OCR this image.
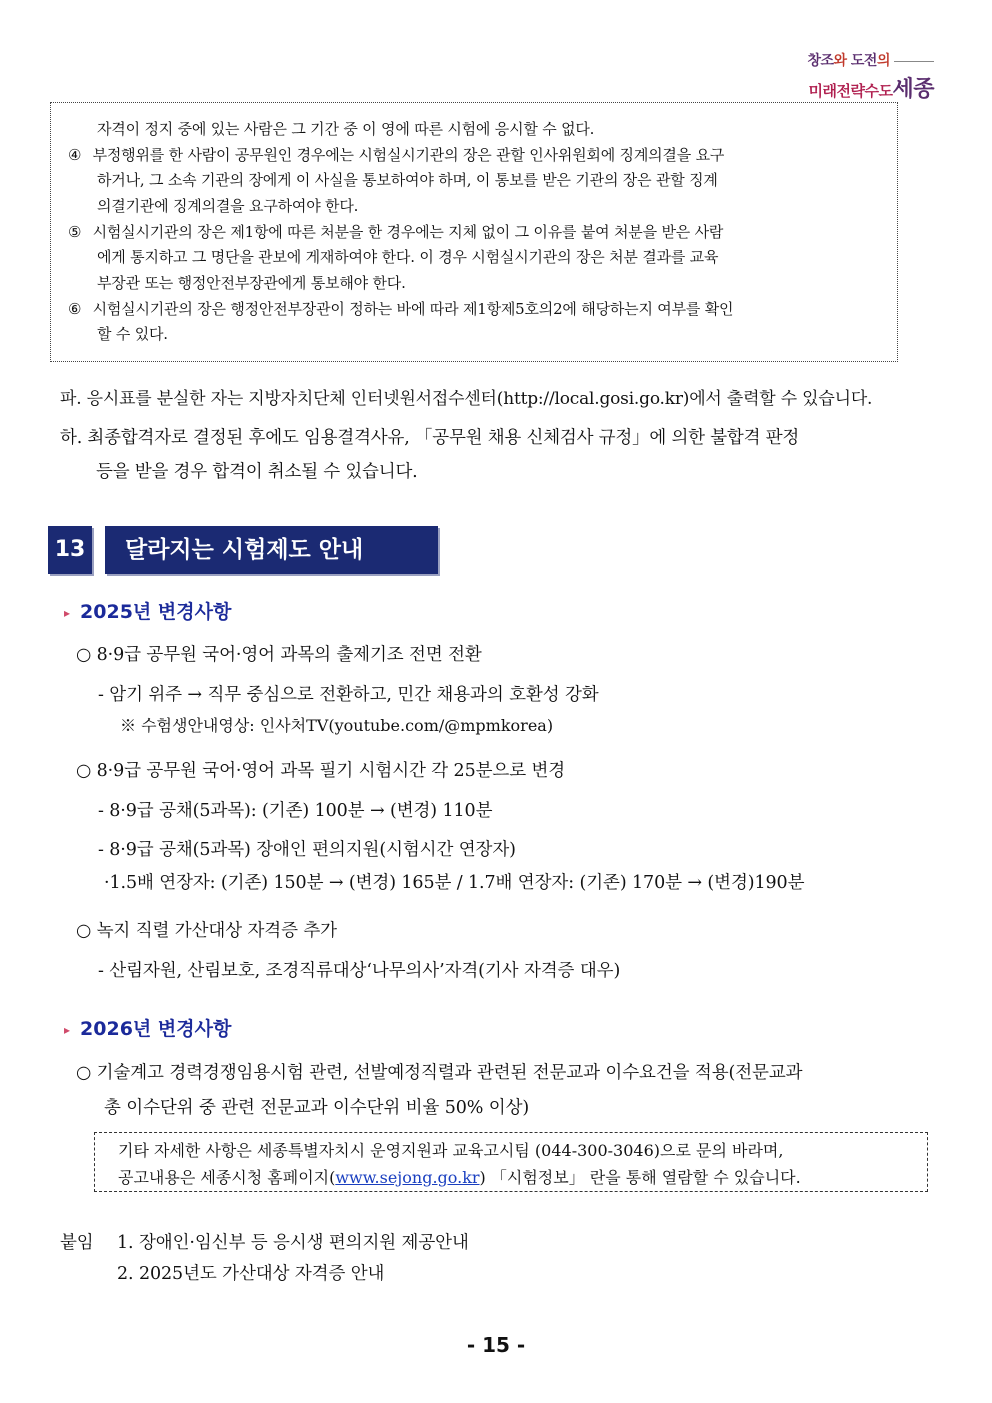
창조와 도전의
미래전략수도세종
자격이 정지 중에 있는 사람은 그 기간 중 이 영에 따른 시험에 응시할 수 없다.
④ 부정행위를 한 사람이 공무원인 경우에는 시험실시기관의 장은 관할 인사위원회에 징계의결을 요구
하거나, 그 소속 기관의 장에게 이 사실을 통보하여야 하며, 이 통보를 받은 기관의 장은 관할 징계
의결기관에 징계의결을 요구하여야 한다.
⑤ 시험실시기관의 장은 제1항에 따른 처분을 한 경우에는 지체 없이 그 이유를 붙여 처분을 받은 사람
에게 통지하고 그 명단을 관보에 게재하여야 한다. 이 경우 시험실시기관의 장은 처분 결과를 교육
부장관 또는 행정안전부장관에게 통보해야 한다.
⑥ 시험실시기관의 장은 행정안전부장관이 정하는 바에 따라 제1항제5호의2에 해당하는지 여부를 확인
할 수 있다.
파. 응시표를 분실한 자는 지방자치단체 인터넷원서접수센터(http://local.gosi.go.kr)에서 출력할 수 있습니다.
하. 최종합격자로 결정된 후에도 임용결격사유, 「공무원 채용 신체검사 규정」에 의한 불합격 판정
등을 받을 경우 합격이 취소될 수 있습니다.
13	달라지는 시험제도 안내
▸ 2025년 변경사항
○ 8·9급 공무원 국어·영어 과목의 출제기조 전면 전환
- 암기 위주 → 직무 중심으로 전환하고, 민간 채용과의 호환성 강화
※ 수험생안내영상: 인사처TV(youtube.com/@mpmkorea)
○ 8·9급 공무원 국어·영어 과목 필기 시험시간 각 25분으로 변경
- 8·9급 공채(5과목): (기존) 100분 → (변경) 110분
- 8·9급 공채(5과목) 장애인 편의지원(시험시간 연장자)
·1.5배 연장자: (기존) 150분 → (변경) 165분 / 1.7배 연장자: (기존) 170분 → (변경)190분
○ 녹지 직렬 가산대상 자격증 추가
- 산림자원, 산림보호, 조경직류대상‘나무의사’자격(기사 자격증 대우)
▸ 2026년 변경사항
○ 기술계고 경력경쟁임용시험 관련, 선발예정직렬과 관련된 전문교과 이수요건을 적용(전문교과
총 이수단위 중 관련 전문교과 이수단위 비율 50% 이상)
기타 자세한 사항은 세종특별자치시 운영지원과 교육고시팀 (044-300-3046)으로 문의 바라며,
공고내용은 세종시청 홈페이지(www.sejong.go.kr) 「시험정보」 란을 통해 열람할 수 있습니다.
붙임 1. 장애인·임신부 등 응시생 편의지원 제공안내
2. 2025년도 가산대상 자격증 안내
- 15 -
